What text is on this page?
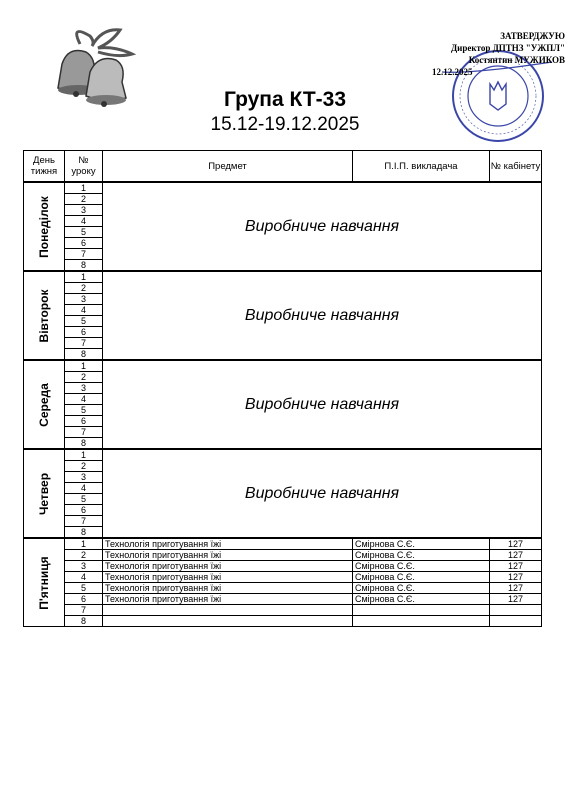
ЗАТВЕРДЖУЮ
Директор ДПТНЗ "УЖПЛ"
Костянтин МУЖИКОВ
12.12.2025
Група КТ-33
15.12-19.12.2025
День тижня	№ уроку	Предмет	П.І.П. викладача	№ кабінету

Понеділок	1	Виробниче навчання		
	2			
	3			
	4			
	5			
	6			
	7			
	8			

Вівторок	1	Виробниче навчання		
	2			
	3			
	4			
	5			
	6			
	7			
	8			

Середа	1	Виробниче навчання		
	2			
	3			
	4			
	5			
	6			
	7			
	8			

Четвер	1	Виробниче навчання		
	2			
	3			
	4			
	5			
	6			
	7			
	8			

П'ятниця	1	Технологія приготування їжі	Смірнова С.Є.	127
	2	Технологія приготування їжі	Смірнова С.Є.	127
	3	Технологія приготування їжі	Смірнова С.Є.	127
	4	Технологія приготування їжі	Смірнова С.Є.	127
	5	Технологія приготування їжі	Смірнова С.Є.	127
	6	Технологія приготування їжі	Смірнова С.Є.	127
	7			
	8			
